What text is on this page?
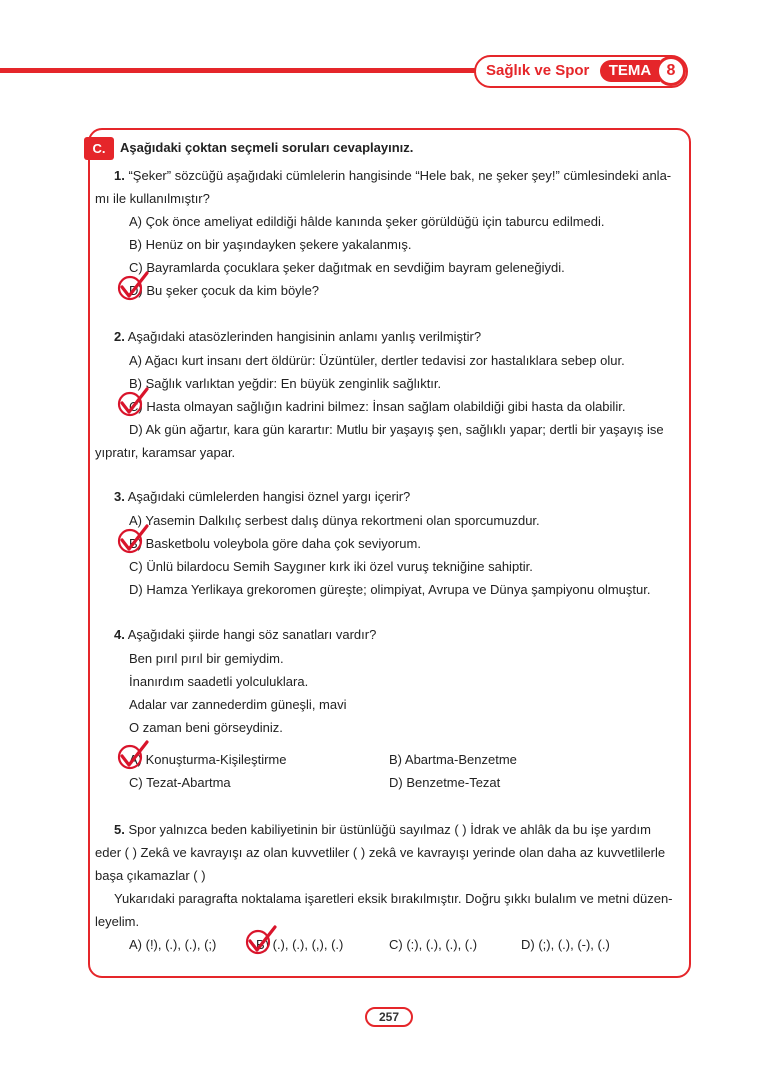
Sağlık ve Spor	TEMA 8
C.	Aşağıdaki çoktan seçmeli soruları cevaplayınız.
1. “Şeker” sözcüğü aşağıdaki cümlelerin hangisinde “Hele bak, ne şeker şey!” cümlesindeki anla-
mı ile kullanılmıştır?
A) Çok önce ameliyat edildiği hâlde kanında şeker görüldüğü için taburcu edilmedi.
B) Henüz on bir yaşındayken şekere yakalanmış.
C) Bayramlarda çocuklara şeker dağıtmak en sevdiğim bayram geleneğiydi.
D) Bu şeker çocuk da kim böyle?
2. Aşağıdaki atasözlerinden hangisinin anlamı yanlış verilmiştir?
A) Ağacı kurt insanı dert öldürür: Üzüntüler, dertler tedavisi zor hastalıklara sebep olur.
B) Sağlık varlıktan yeğdir: En büyük zenginlik sağlıktır.
C) Hasta olmayan sağlığın kadrini bilmez: İnsan sağlam olabildiği gibi hasta da olabilir.
D) Ak gün ağartır, kara gün karartır: Mutlu bir yaşayış şen, sağlıklı yapar; dertli bir yaşayış ise
yıpratır, karamsar yapar.
3. Aşağıdaki cümlelerden hangisi öznel yargı içerir?
A) Yasemin Dalkılıç serbest dalış dünya rekortmeni olan sporcumuzdur.
B) Basketbolu voleybola göre daha çok seviyorum.
C) Ünlü bilardocu Semih Saygıner kırk iki özel vuruş tekniğine sahiptir.
D) Hamza Yerlikaya grekoromen güreşte; olimpiyat, Avrupa ve Dünya şampiyonu olmuştur.
4. Aşağıdaki şiirde hangi söz sanatları vardır?
Ben pırıl pırıl bir gemiydim.
İnanırdım saadetli yolculuklara.
Adalar var zannederdim güneşli, mavi
O zaman beni görseydiniz.
A) Konuşturma-Kişileştirme	B) Abartma-Benzetme
C) Tezat-Abartma	D) Benzetme-Tezat
5. Spor yalnızca beden kabiliyetinin bir üstünlüğü sayılmaz ( ) İdrak ve ahlâk da bu işe yardım
eder ( ) Zekâ ve kavrayışı az olan kuvvetliler ( ) zekâ ve kavrayışı yerinde olan daha az kuvvetlilerle
başa çıkamazlar ( )
Yukarıdaki paragrafta noktalama işaretleri eksik bırakılmıştır. Doğru şıkkı bulalım ve metni düzen-
leyelim.
A) (!), (.), (.), (;)	B) (.), (.), (,), (.)	C) (:), (.), (.), (.)	D) (;), (.), (-), (.)
257
